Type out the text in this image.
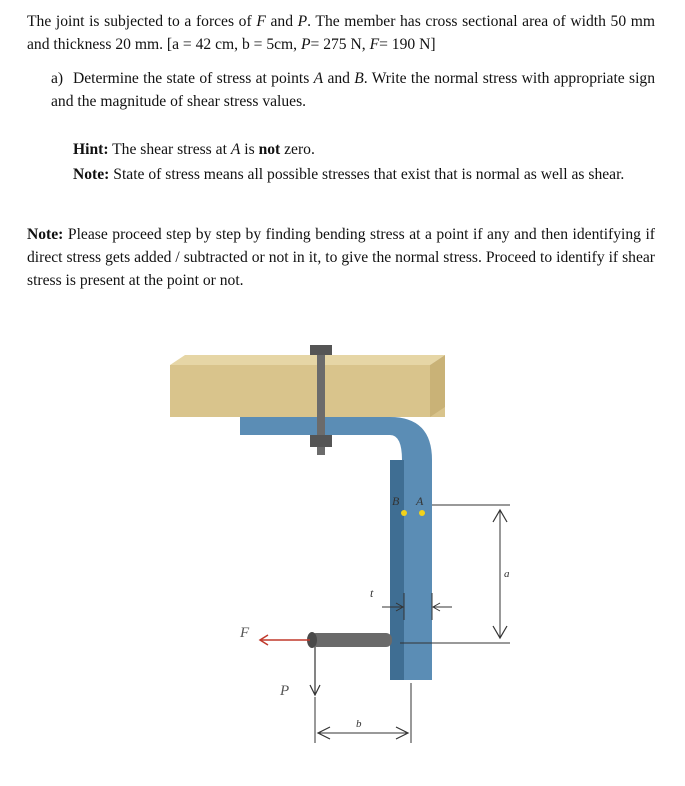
The joint is subjected to a forces of F and P. The member has cross sectional area of width 50 mm and thickness 20 mm. [a = 42 cm, b = 5cm, P= 275 N, F= 190 N]

a) Determine the state of stress at points A and B. Write the normal stress with appropriate sign and the magnitude of shear stress values.

Hint: The shear stress at A is not zero.

Note: State of stress means all possible stresses that exist that is normal as well as shear.

Note: Please proceed step by step by finding bending stress at a point if any and then identifying if direct stress gets added / subtracted or not in it, to give the normal stress. Proceed to identify if shear stress is present at the point or not.

B A
a
t
F
P
b
